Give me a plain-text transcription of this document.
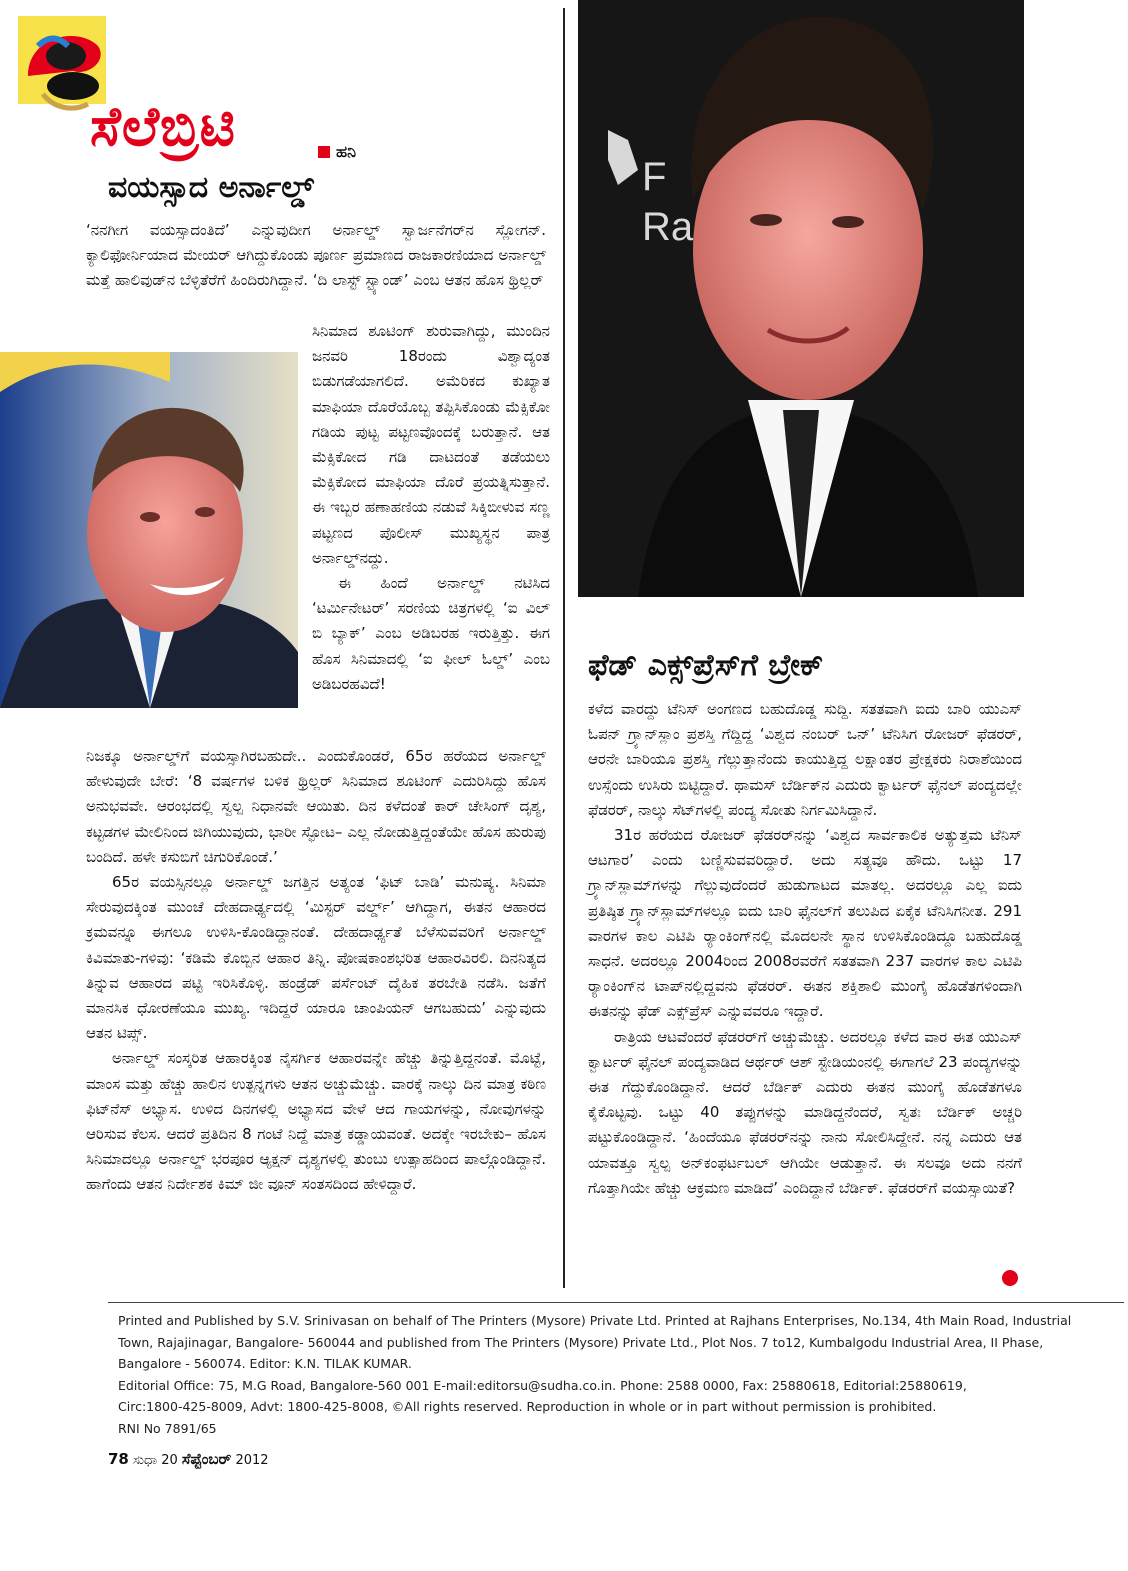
ಸೆಲೆಬ್ರಿಟಿ	ಹನಿ
ವಯಸ್ಸಾದ ಅರ್ನಾಲ್ಡ್

‘ನನಗೀಗ ವಯಸ್ಸಾದಂತಿದೆ’ ಎನ್ನುವುದೀಗ ಅರ್ನಾಲ್ಡ್ ಸ್ವಾರ್ಜನೆಗರ್‌ನ ಸ್ಲೋಗನ್. ಕ್ಯಾಲಿಫೋರ್ನಿಯಾದ ಮೇಯರ್ ಆಗಿದ್ದುಕೊಂಡು ಪೂರ್ಣ ಪ್ರಮಾಣದ ರಾಜಕಾರಣಿಯಾದ ಅರ್ನಾಲ್ಡ್ ಮತ್ತೆ ಹಾಲಿವುಡ್‌ನ ಬೆಳ್ಳಿತೆರೆಗೆ ಹಿಂದಿರುಗಿದ್ದಾನೆ. ‘ದಿ ಲಾಸ್ಟ್ ಸ್ಟ್ಯಾಂಡ್’ ಎಂಬ ಆತನ ಹೊಸ ಥ್ರಿಲ್ಲರ್

ಸಿನಿಮಾದ ಶೂಟಿಂಗ್ ಶುರುವಾಗಿದ್ದು, ಮುಂದಿನ ಜನವರಿ 18ರಂದು ವಿಶ್ವಾದ್ಯಂತ ಬಿಡುಗಡೆಯಾಗಲಿದೆ. ಅಮೆರಿಕದ ಕುಖ್ಯಾತ ಮಾಫಿಯಾ ದೊರೆಯೊಬ್ಬ ತಪ್ಪಿಸಿಕೊಂಡು ಮೆಕ್ಸಿಕೋ ಗಡಿಯ ಪುಟ್ಟ ಪಟ್ಟಣವೊಂದಕ್ಕೆ ಬರುತ್ತಾನೆ. ಆತ ಮೆಕ್ಸಿಕೋದ ಗಡಿ ದಾಟದಂತೆ ತಡೆಯಲು ಮೆಕ್ಸಿಕೋದ ಮಾಫಿಯಾ ದೊರೆ ಪ್ರಯತ್ನಿಸುತ್ತಾನೆ. ಈ ಇಬ್ಬರ ಹಣಾಹಣಿಯ ನಡುವೆ ಸಿಕ್ಕಿಬೀಳುವ ಸಣ್ಣ ಪಟ್ಟಣದ ಪೊಲೀಸ್ ಮುಖ್ಯಸ್ಥನ ಪಾತ್ರ ಅರ್ನಾಲ್ಡ್‌ನದ್ದು.

ಈ ಹಿಂದೆ ಅರ್ನಾಲ್ಡ್ ನಟಿಸಿದ ‘ಟರ್ಮಿನೇಟರ್’ ಸರಣಿಯ ಚಿತ್ರಗಳಲ್ಲಿ ‘ಐ ವಿಲ್ ಬಿ ಬ್ಯಾಕ್’ ಎಂಬ ಅಡಿಬರಹ ಇರುತ್ತಿತ್ತು. ಈಗ ಹೊಸ ಸಿನಿಮಾದಲ್ಲಿ ‘ಐ ಫೀಲ್ ಓಲ್ಡ್’ ಎಂಬ ಅಡಿಬರಹವಿದೆ!

ನಿಜಕ್ಕೂ ಅರ್ನಾಲ್ಡ್‌ಗೆ ವಯಸ್ಸಾಗಿರಬಹುದೇ.. ಎಂದುಕೊಂಡರೆ, 65ರ ಹರೆಯದ ಅರ್ನಾಲ್ಡ್ ಹೇಳುವುದೇ ಬೇರೆ: ‘8 ವರ್ಷಗಳ ಬಳಿಕ ಥ್ರಿಲ್ಲರ್ ಸಿನಿಮಾದ ಶೂಟಿಂಗ್ ಎದುರಿಸಿದ್ದು ಹೊಸ ಅನುಭವವೇ. ಆರಂಭದಲ್ಲಿ ಸ್ವಲ್ಪ ನಿಧಾನವೇ ಆಯಿತು. ದಿನ ಕಳೆದಂತೆ ಕಾರ್ ಚೇಸಿಂಗ್ ದೃಶ್ಯ, ಕಟ್ಟಡಗಳ ಮೇಲಿನಿಂದ ಜಿಗಿಯುವುದು, ಭಾರೀ ಸ್ಫೋಟ– ಎಲ್ಲ ನೋಡುತ್ತಿದ್ದಂತೆಯೇ ಹೊಸ ಹುರುಪು ಬಂದಿದೆ. ಹಳೇ ಕಸುಬಿಗೆ ಚಿಗುರಿಕೊಂಡೆ.’

65ರ ವಯಸ್ಸಿನಲ್ಲೂ ಅರ್ನಾಲ್ಡ್ ಜಗತ್ತಿನ ಅತ್ಯಂತ ‘ಫಿಟ್ ಬಾಡಿ’ ಮನುಷ್ಯ. ಸಿನಿಮಾ ಸೇರುವುದಕ್ಕಿಂತ ಮುಂಚೆ ದೇಹದಾರ್ಢ್ಯದಲ್ಲಿ ‘ಮಿಸ್ಟರ್ ವರ್ಲ್ಡ್’ ಆಗಿದ್ದಾಗ, ಈತನ ಆಹಾರದ ಕ್ರಮವನ್ನೂ ಈಗಲೂ ಉಳಿಸಿ-ಕೊಂಡಿದ್ದಾನಂತೆ. ದೇಹದಾರ್ಢ್ಯತೆ ಬೆಳೆಸುವವರಿಗೆ ಅರ್ನಾಲ್ಡ್ ಕಿವಿಮಾತು-ಗಳಿವು: ‘ಕಡಿಮೆ ಕೊಬ್ಬಿನ ಆಹಾರ ತಿನ್ನಿ. ಪೋಷಕಾಂಶಭರಿತ ಆಹಾರವಿರಲಿ. ದಿನನಿತ್ಯದ ತಿನ್ನುವ ಆಹಾರದ ಪಟ್ಟಿ ಇರಿಸಿಕೊಳ್ಳಿ. ಹಂಡ್ರೆಡ್ ಪರ್ಸೆಂಟ್ ದೈಹಿಕ ತರಬೇತಿ ನಡೆಸಿ. ಜತೆಗೆ ಮಾನಸಿಕ ಧೋರಣೆಯೂ ಮುಖ್ಯ. ಇದಿದ್ದರೆ ಯಾರೂ ಚಾಂಪಿಯನ್ ಆಗಬಹುದು’ ಎನ್ನುವುದು ಆತನ ಟಿಪ್ಸ್.

ಅರ್ನಾಲ್ಡ್ ಸಂಸ್ಕರಿತ ಆಹಾರಕ್ಕಿಂತ ನೈಸರ್ಗಿಕ ಆಹಾರವನ್ನೇ ಹೆಚ್ಚು ತಿನ್ನುತ್ತಿದ್ದನಂತೆ. ಮೊಟ್ಟೆ, ಮಾಂಸ ಮತ್ತು ಹೆಚ್ಚು ಹಾಲಿನ ಉತ್ಪನ್ನಗಳು ಆತನ ಅಚ್ಚುಮೆಚ್ಚು. ವಾರಕ್ಕೆ ನಾಲ್ಕು ದಿನ ಮಾತ್ರ ಕಠಿಣ ಫಿಟ್‌ನೆಸ್ ಅಭ್ಯಾಸ. ಉಳಿದ ದಿನಗಳಲ್ಲಿ ಅಭ್ಯಾಸದ ವೇಳೆ ಆದ ಗಾಯಗಳನ್ನು, ನೋವುಗಳನ್ನು ಆರಿಸುವ ಕೆಲಸ. ಆದರೆ ಪ್ರತಿದಿನ 8 ಗಂಟೆ ನಿದ್ದೆ ಮಾತ್ರ ಕಡ್ಡಾಯವಂತೆ. ಅದಕ್ಕೇ ಇರಬೇಕು– ಹೊಸ ಸಿನಿಮಾದಲ್ಲೂ ಅರ್ನಾಲ್ಡ್ ಭರಪೂರ ಆ್ಯಕ್ಷನ್ ದೃಶ್ಯಗಳಲ್ಲಿ ತುಂಬು ಉತ್ಸಾಹದಿಂದ ಪಾಲ್ಗೊಂಡಿದ್ದಾನೆ. ಹಾಗೆಂದು ಆತನ ನಿರ್ದೇಶಕ ಕಿಮ್ ಜೀ ವೂನ್ ಸಂತಸದಿಂದ ಹೇಳಿದ್ದಾರೆ.

F
Ra
ಫೆಡ್ ಎಕ್ಸ್‌ಪ್ರೆಸ್‌ಗೆ ಬ್ರೇಕ್

ಕಳೆದ ವಾರದ್ದು ಟೆನಿಸ್ ಅಂಗಣದ ಬಹುದೊಡ್ಡ ಸುದ್ದಿ. ಸತತವಾಗಿ ಐದು ಬಾರಿ ಯುಎಸ್ ಓಪನ್ ಗ್ರ್ಯಾನ್‌ಸ್ಲಾಂ ಪ್ರಶಸ್ತಿ ಗೆದ್ದಿದ್ದ ‘ವಿಶ್ವದ ನಂಬರ್ ಒನ್’ ಟೆನಿಸಿಗ ರೋಜರ್ ಫೆಡರರ್, ಆರನೇ ಬಾರಿಯೂ ಪ್ರಶಸ್ತಿ ಗೆಲ್ಲುತ್ತಾನೆಂದು ಕಾಯುತ್ತಿದ್ದ ಲಕ್ಷಾಂತರ ಪ್ರೇಕ್ಷಕರು ನಿರಾಶೆಯಿಂದ ಉಸ್ಸೆಂದು ಉಸಿರು ಬಿಟ್ಟಿದ್ದಾರೆ. ಥಾಮಸ್ ಬೆರ್ಡಿಕ್‌ನ ಎದುರು ಕ್ವಾರ್ಟರ್ ಫೈನಲ್ ಪಂದ್ಯದಲ್ಲೇ ಫೆಡರರ್, ನಾಲ್ಕು ಸೆಟ್‌ಗಳಲ್ಲಿ ಪಂದ್ಯ ಸೋತು ನಿರ್ಗಮಿಸಿದ್ದಾನೆ.

31ರ ಹರೆಯದ ರೋಜರ್ ಫೆಡರರ್‌ನನ್ನು ‘ವಿಶ್ವದ ಸಾರ್ವಕಾಲಿಕ ಅತ್ಯುತ್ತಮ ಟೆನಿಸ್ ಆಟಗಾರ’ ಎಂದು ಬಣ್ಣಿಸುವವರಿದ್ದಾರೆ. ಅದು ಸತ್ಯವೂ ಹೌದು. ಒಟ್ಟು 17 ಗ್ರ್ಯಾನ್‌ಸ್ಲಾಮ್‌ಗಳನ್ನು ಗೆಲ್ಲುವುದೆಂದರೆ ಹುಡುಗಾಟದ ಮಾತಲ್ಲ. ಅದರಲ್ಲೂ ಎಲ್ಲ ಐದು ಪ್ರತಿಷ್ಠಿತ ಗ್ರ್ಯಾನ್‌ಸ್ಲಾಮ್‌ಗಳಲ್ಲೂ ಐದು ಬಾರಿ ಫೈನಲ್‌ಗೆ ತಲುಪಿದ ಏಕೈಕ ಟೆನಿಸಿಗನೀತ. 291 ವಾರಗಳ ಕಾಲ ಎಟಿಪಿ ರ್‍ಯಾಂಕಿಂಗ್‌ನಲ್ಲಿ ಮೊದಲನೇ ಸ್ಥಾನ ಉಳಿಸಿಕೊಂಡಿದ್ದೂ ಬಹುದೊಡ್ಡ ಸಾಧನೆ. ಅದರಲ್ಲೂ 2004ರಿಂದ 2008ರವರೆಗೆ ಸತತವಾಗಿ 237 ವಾರಗಳ ಕಾಲ ಎಟಿಪಿ ರ್‍ಯಾಂಕಿಂಗ್‌ನ ಟಾಪ್‌ನಲ್ಲಿದ್ದವನು ಫೆಡರರ್. ಈತನ ಶಕ್ತಿಶಾಲಿ ಮುಂಗೈ ಹೊಡೆತಗಳಿಂದಾಗಿ ಈತನನ್ನು ಫೆಡ್ ಎಕ್ಸ್‌ಪ್ರೆಸ್ ಎನ್ನುವವರೂ ಇದ್ದಾರೆ.

ರಾತ್ರಿಯ ಆಟವೆಂದರೆ ಫೆಡರರ್‌ಗೆ ಅಚ್ಚುಮೆಚ್ಚು. ಅದರಲ್ಲೂ ಕಳೆದ ವಾರ ಈತ ಯುಎಸ್ ಕ್ವಾರ್ಟರ್ ಫೈನಲ್ ಪಂದ್ಯವಾಡಿದ ಆರ್ಥರ್ ಆಶ್ ಸ್ಟೇಡಿಯಂನಲ್ಲಿ ಈಗಾಗಲೆ 23 ಪಂದ್ಯಗಳನ್ನು ಈತ ಗೆದ್ದುಕೊಂಡಿದ್ದಾನೆ. ಆದರೆ ಬೆರ್ಡಿಕ್ ಎದುರು ಈತನ ಮುಂಗೈ ಹೊಡೆತಗಳೂ ಕೈಕೊಟ್ಟವು. ಒಟ್ಟು 40 ತಪ್ಪುಗಳನ್ನು ಮಾಡಿದ್ದನೆಂದರೆ, ಸ್ವತಃ ಬೆರ್ಡಿಕ್ ಅಚ್ಚರಿ ಪಟ್ಟುಕೊಂಡಿದ್ದಾನೆ. ‘ಹಿಂದೆಯೂ ಫೆಡರರ್‌ನನ್ನು ನಾನು ಸೋಲಿಸಿದ್ದೇನೆ. ನನ್ನ ಎದುರು ಆತ ಯಾವತ್ತೂ ಸ್ವಲ್ಪ ಅನ್‌ಕಂಫರ್ಟಬಲ್ ಆಗಿಯೇ ಆಡುತ್ತಾನೆ. ಈ ಸಲವೂ ಅದು ನನಗೆ ಗೊತ್ತಾಗಿಯೇ ಹೆಚ್ಚು ಆಕ್ರಮಣ ಮಾಡಿದೆ’ ಎಂದಿದ್ದಾನೆ ಬೆರ್ಡಿಕ್. ಫೆಡರರ್‌ಗೆ ವಯಸ್ಸಾಯಿತೆ?

Printed and Published by S.V. Srinivasan on behalf of The Printers (Mysore) Private Ltd. Printed at Rajhans Enterprises, No.134, 4th Main Road, Industrial
Town, Rajajinagar, Bangalore- 560044 and published from The Printers (Mysore) Private Ltd., Plot Nos. 7 to12, Kumbalgodu Industrial Area, II Phase,
Bangalore - 560074. Editor: K.N. TILAK KUMAR.
Editorial Office: 75, M.G Road, Bangalore-560 001 E-mail:editorsu@sudha.co.in. Phone: 2588 0000, Fax: 25880618, Editorial:25880619,
Circ:1800-425-8009, Advt: 1800-425-8008, ©All rights reserved. Reproduction in whole or in part without permission is prohibited.
RNI No 7891/65
78 ಸುಧಾ 20 ಸೆಪ್ಟೆಂಬರ್ 2012
